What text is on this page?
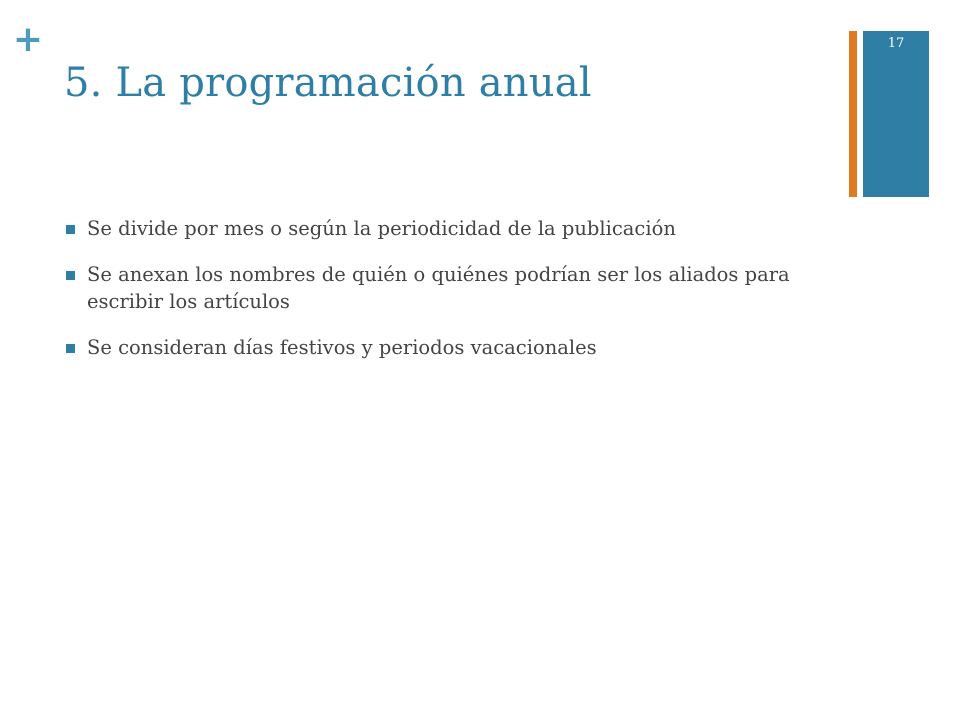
+
5. La programación anual
17
Se divide por mes o según la periodicidad de la publicación
Se anexan los nombres de quién o quiénes podrían ser los aliados para escribir los artículos
Se consideran días festivos y periodos vacacionales
